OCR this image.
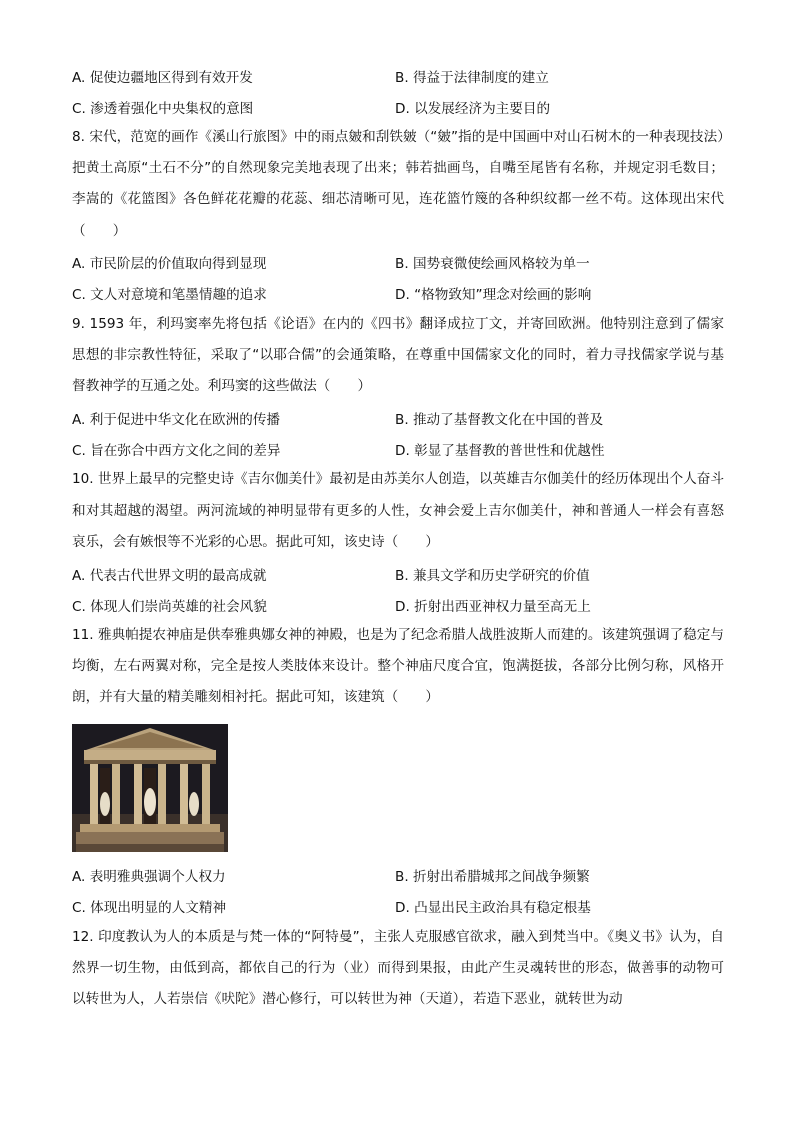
A. 促使边疆地区得到有效开发	B. 得益于法律制度的建立
C. 渗透着强化中央集权的意图	D. 以发展经济为主要目的

8. 宋代，范宽的画作《溪山行旅图》中的雨点皴和刮铁皴（“皴”指的是中国画中对山石树木的一种表现技法）把黄土高原“土石不分”的自然现象完美地表现了出来；韩若拙画鸟，自嘴至尾皆有名称，并规定羽毛数目；李嵩的《花篮图》各色鲜花花瓣的花蕊、细芯清晰可见，连花篮竹篾的各种织纹都一丝不苟。这体现出宋代（　　）

A. 市民阶层的价值取向得到显现	B. 国势衰微使绘画风格较为单一
C. 文人对意境和笔墨情趣的追求	D. “格物致知”理念对绘画的影响

9. 1593 年，利玛窦率先将包括《论语》在内的《四书》翻译成拉丁文，并寄回欧洲。他特别注意到了儒家思想的非宗教性特征，采取了“以耶合儒”的会通策略，在尊重中国儒家文化的同时，着力寻找儒家学说与基督教神学的互通之处。利玛窦的这些做法（　　）

A. 利于促进中华文化在欧洲的传播	B. 推动了基督教文化在中国的普及
C. 旨在弥合中西方文化之间的差异	D. 彰显了基督教的普世性和优越性

10. 世界上最早的完整史诗《吉尔伽美什》最初是由苏美尔人创造，以英雄吉尔伽美什的经历体现出个人奋斗和对其超越的渴望。两河流域的神明显带有更多的人性，女神会爱上吉尔伽美什，神和普通人一样会有喜怒哀乐，会有嫉恨等不光彩的心思。据此可知，该史诗（　　）

A. 代表古代世界文明的最高成就	B. 兼具文学和历史学研究的价值
C. 体现人们崇尚英雄的社会风貌	D. 折射出西亚神权力量至高无上

11. 雅典帕提农神庙是供奉雅典娜女神的神殿，也是为了纪念希腊人战胜波斯人而建的。该建筑强调了稳定与均衡，左右两翼对称，完全是按人类肢体来设计。整个神庙尺度合宜，饱满挺拔，各部分比例匀称，风格开朗，并有大量的精美雕刻相衬托。据此可知，该建筑（　　）

A. 表明雅典强调个人权力	B. 折射出希腊城邦之间战争频繁
C. 体现出明显的人文精神	D. 凸显出民主政治具有稳定根基

12. 印度教认为人的本质是与梵一体的“阿特曼”，主张人克服感官欲求，融入到梵当中。《奥义书》认为，自然界一切生物，由低到高，都依自己的行为（业）而得到果报，由此产生灵魂转世的形态，做善事的动物可以转世为人，人若崇信《吠陀》潜心修行，可以转世为神（天道），若造下恶业，就转世为动
